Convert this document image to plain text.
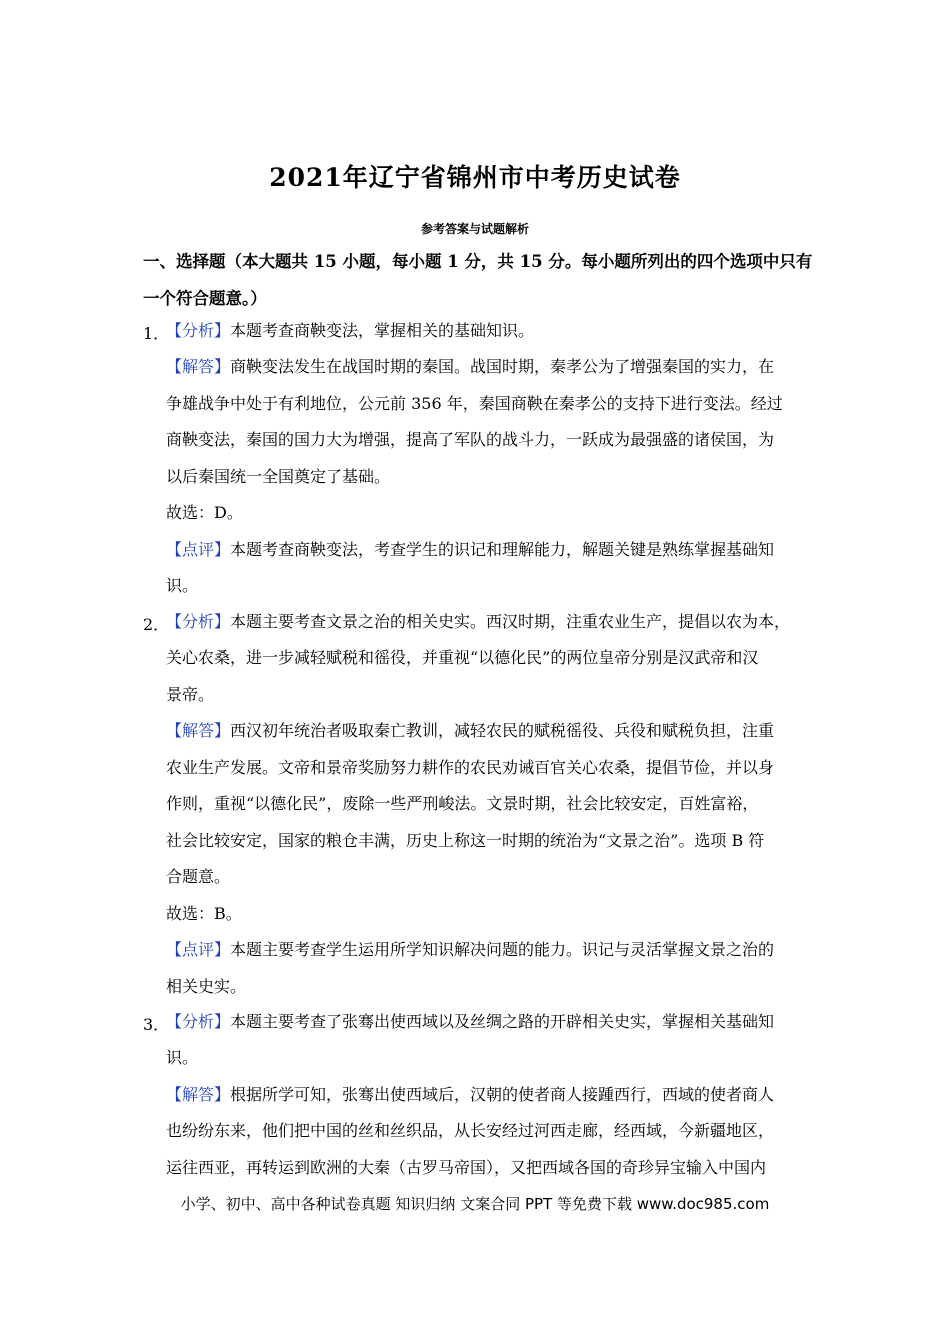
2021年辽宁省锦州市中考历史试卷
参考答案与试题解析
一、选择题（本大题共 15 小题，每小题 1 分，共 15 分。每小题所列出的四个选项中只有
一个符合题意。）
1．
【分析】本题考查商鞅变法，掌握相关的基础知识。
【解答】商鞅变法发生在战国时期的秦国。战国时期，秦孝公为了增强秦国的实力，在
争雄战争中处于有利地位，公元前 356 年，秦国商鞅在秦孝公的支持下进行变法。经过
商鞅变法，秦国的国力大为增强，提高了军队的战斗力，一跃成为最强盛的诸侯国，为
以后秦国统一全国奠定了基础。
故选：D。
【点评】本题考查商鞅变法，考查学生的识记和理解能力，解题关键是熟练掌握基础知
识。
2．
【分析】本题主要考查文景之治的相关史实。西汉时期，注重农业生产，提倡以农为本，
关心农桑，进一步减轻赋税和徭役，并重视“以德化民”的两位皇帝分别是汉武帝和汉
景帝。
【解答】西汉初年统治者吸取秦亡教训，减轻农民的赋税徭役、兵役和赋税负担，注重
农业生产发展。文帝和景帝奖励努力耕作的农民劝诫百官关心农桑，提倡节俭，并以身
作则，重视“以德化民”，废除一些严刑峻法。文景时期，社会比较安定，百姓富裕，
社会比较安定，国家的粮仓丰满，历史上称这一时期的统治为“文景之治”。选项 B 符
合题意。
故选：B。
【点评】本题主要考查学生运用所学知识解决问题的能力。识记与灵活掌握文景之治的
相关史实。
3．
【分析】本题主要考查了张骞出使西域以及丝绸之路的开辟相关史实，掌握相关基础知
识。
【解答】根据所学可知，张骞出使西域后，汉朝的使者商人接踵西行，西域的使者商人
也纷纷东来，他们把中国的丝和丝织品，从长安经过河西走廊，经西域，今新疆地区，
运往西亚，再转运到欧洲的大秦（古罗马帝国），又把西域各国的奇珍异宝输入中国内
小学、初中、高中各种试卷真题 知识归纳 文案合同 PPT 等免费下载 www.doc985.com
